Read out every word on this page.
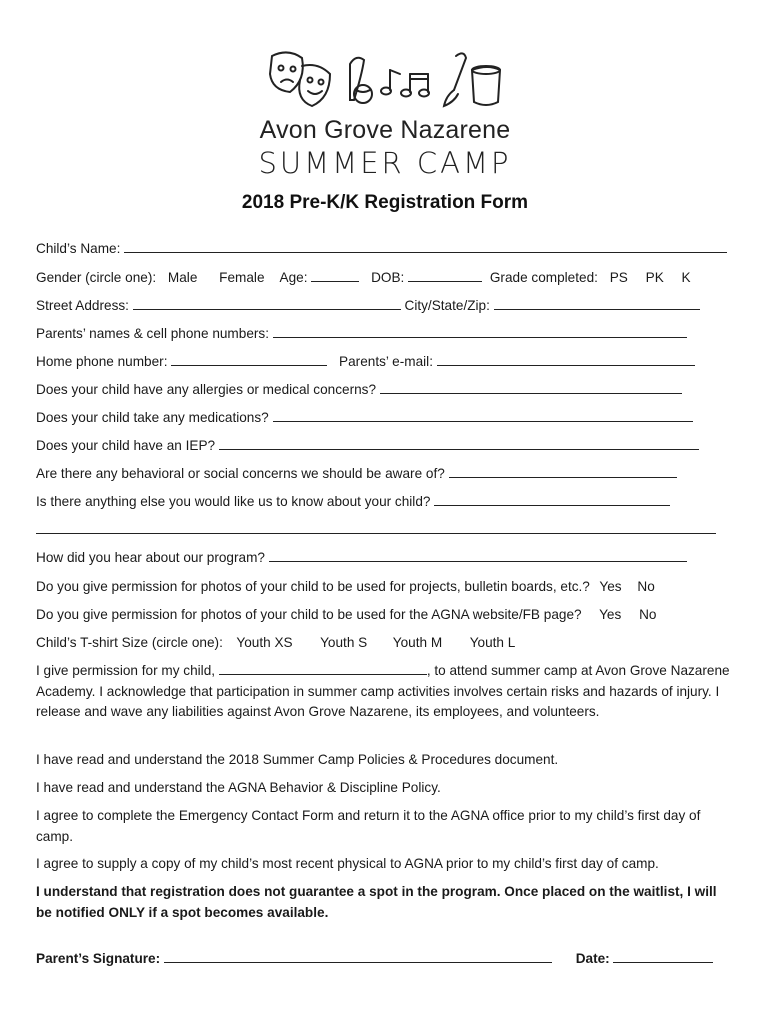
Avon Grove Nazarene
SUMMER CAMP
2018 Pre-K/K Registration Form
Child’s Name:
Gender (circle one): Male Female Age:	DOB:	Grade completed: PS PK K
Street Address:	City/State/Zip:
Parents’ names & cell phone numbers:
Home phone number:	Parents’ e-mail:
Does your child have any allergies or medical concerns?
Does your child take any medications?
Does your child have an IEP?
Are there any behavioral or social concerns we should be aware of?
Is there anything else you would like us to know about your child?
How did you hear about our program?
Do you give permission for photos of your child to be used for projects, bulletin boards, etc.? Yes No
Do you give permission for photos of your child to be used for the AGNA website/FB page? Yes No
Child’s T-shirt Size (circle one): Youth XS Youth S Youth M Youth L
I give permission for my child,	, to attend summer camp at Avon Grove Nazarene Academy. I acknowledge that participation in summer camp activities involves certain risks and hazards of injury. I release and wave any liabilities against Avon Grove Nazarene, its employees, and volunteers.
I have read and understand the 2018 Summer Camp Policies & Procedures document.
I have read and understand the AGNA Behavior & Discipline Policy.
I agree to complete the Emergency Contact Form and return it to the AGNA office prior to my child’s first day of camp.
I agree to supply a copy of my child’s most recent physical to AGNA prior to my child’s first day of camp.
I understand that registration does not guarantee a spot in the program. Once placed on the waitlist, I will be notified ONLY if a spot becomes available.
Parent’s Signature:	Date:
